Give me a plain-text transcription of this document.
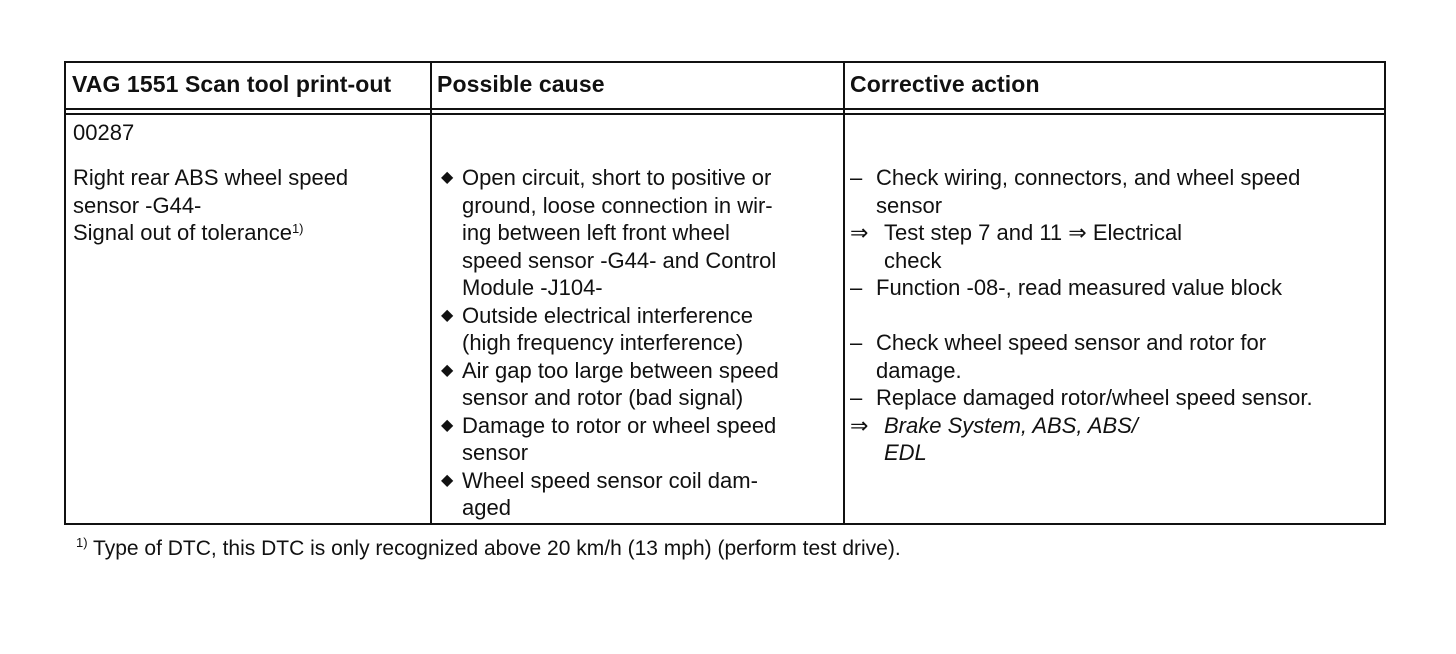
VAG 1551 Scan tool print-out Possible cause	Corrective action
00287
Right rear ABS wheel speed
sensor -G44-
Signal out of tolerance$^{1)}$
◆ Open circuit, short to positive or
ground, loose connection in wir-
ing between left front wheel
speed sensor -G44- and Control
Module -J104-
◆ Outside electrical interference
(high frequency interference)
◆ Air gap too large between speed
sensor and rotor (bad signal)
◆ Damage to rotor or wheel speed
sensor
◆ Wheel speed sensor coil dam-
aged
– Check wiring, connectors, and wheel speed
sensor
⇒ Test step 7 and 11 ⇒ Electrical
check
– Function -08-, read measured value block
– Check wheel speed sensor and rotor for
damage.
– Replace damaged rotor/wheel speed sensor.
⇒ Brake System, ABS, ABS/
EDL
$^{1)}$ Type of DTC, this DTC is only recognized above 20 km/h (13 mph) (perform test drive).
